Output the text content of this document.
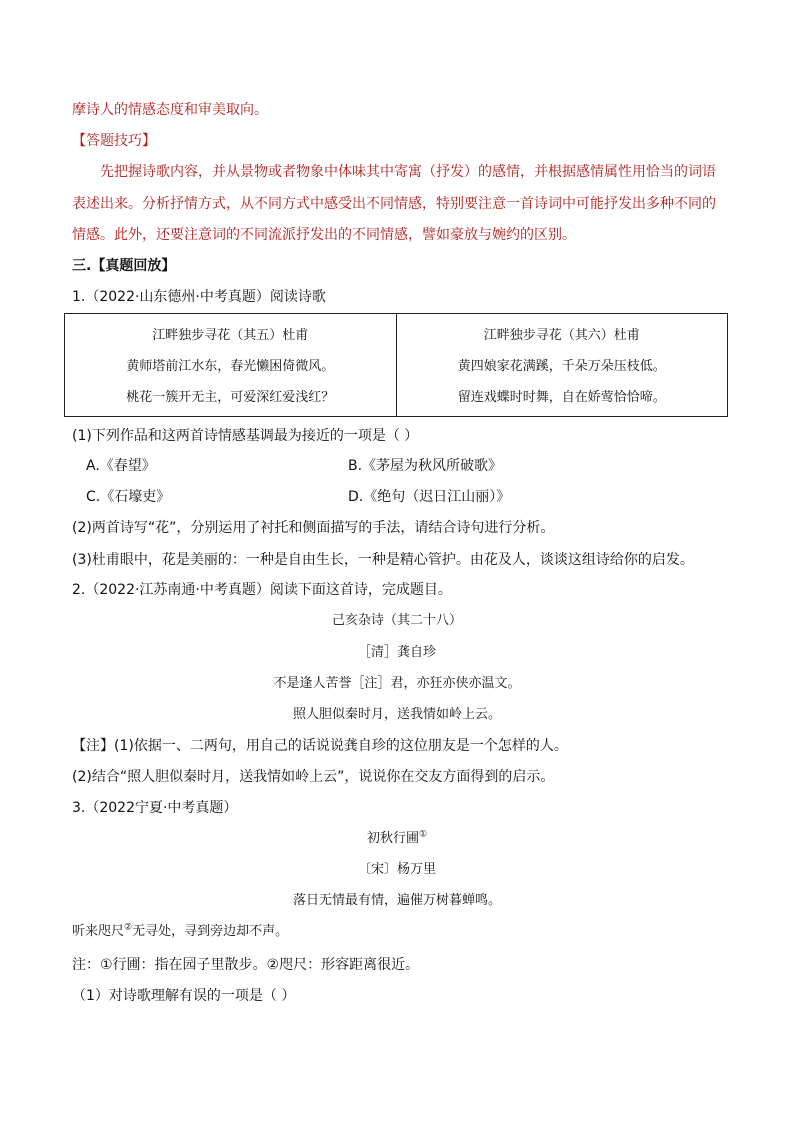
摩诗人的情感态度和审美取向。
【答题技巧】
先把握诗歌内容，并从景物或者物象中体味其中寄寓（抒发）的感情，并根据感情属性用恰当的词语
表述出来。分析抒情方式，从不同方式中感受出不同情感，特别要注意一首诗词中可能抒发出多种不同的
情感。此外，还要注意词的不同流派抒发出的不同情感，譬如豪放与婉约的区别。
三.【真题回放】
1.（2022·山东德州·中考真题）阅读诗歌
江畔独步寻花（其五）杜甫
黄师塔前江水东，春光懒困倚微风。
桃花一簇开无主，可爱深红爱浅红？

江畔独步寻花（其六）杜甫
黄四娘家花满蹊，千朵万朵压枝低。
留连戏蝶时时舞，自在娇莺恰恰啼。
(1)下列作品和这两首诗情感基调最为接近的一项是（ ）
A.《春望》	B.《茅屋为秋风所破歌》
C.《石壕吏》	D.《绝句（迟日江山丽）》
(2)两首诗写“花”，分别运用了衬托和侧面描写的手法，请结合诗句进行分析。
(3)杜甫眼中，花是美丽的：一种是自由生长，一种是精心管护。由花及人，谈谈这组诗给你的启发。
2.（2022·江苏南通·中考真题）阅读下面这首诗，完成题目。
己亥杂诗（其二十八）
［清］龚自珍
不是逢人苦誉［注］君，亦狂亦侠亦温文。
照人胆似秦时月，送我情如岭上云。
【注】(1)依据一、二两句，用自己的话说说龚自珍的这位朋友是一个怎样的人。
(2)结合“照人胆似秦时月，送我情如岭上云”，说说你在交友方面得到的启示。
3.（2022宁夏·中考真题）
初秋行圃①
〔宋〕杨万里
落日无情最有情，遍催万树暮蝉鸣。
听来咫尺②无寻处，寻到旁边却不声。
注：①行圃：指在园子里散步。②咫尺：形容距离很近。
（1）对诗歌理解有误的一项是（ ）
